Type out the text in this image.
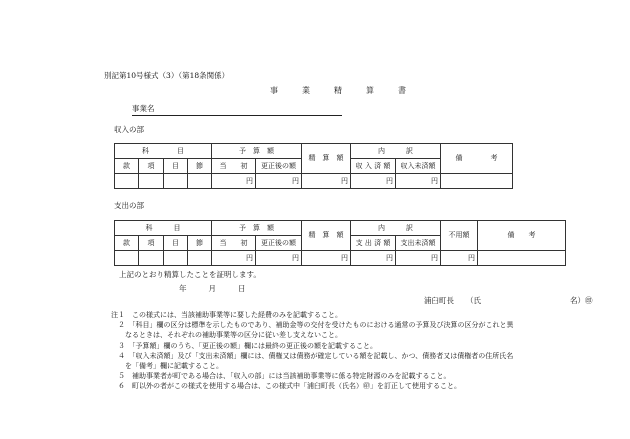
別記第10号様式（3）（第18条関係）
事	業	精	算	書
事業名
収入の部
科　　　　目				予　算　額		精　算　額	内　　　訳		備　　　　考
款	項	目	節	当　　初	更正後の額		収 入 済 額	収入未済額	
				円	円	円	円	円	
支出の部
科　　　目				予　算　額		精　算　額	内　　　訳		不用額	備　　考
款	項	目	節	当　　初	更正後の額		支 出 済 額	支出未済額		
				円	円	円	円	円	円	
上記のとおり精算したことを証明します。
年	月	日
浦臼町長 （氏	名）㊞
注１　この様式には、当該補助事業等に要した経費のみを記載すること。
　２　「科目」欄の区分は標準を示したものであり、補助金等の交付を受けたものにおける通常の予算及び決算の区分がこれと異
　　なるときは、それぞれの補助事業等の区分に従い差し支えないこと。
　３　「予算額」欄のうち、「更正後の額」欄には最終の更正後の額を記載すること。
　４　「収入未済額」及び「支出未済額」欄には、債権又は債務が確定している額を記載し、かつ、債務者又は債権者の住所氏名
　　を「備考」欄に記載すること。
　５　補助事業者が町である場合は、「収入の部」には当該補助事業等に係る特定財源のみを記載すること。
　６　町以外の者がこの様式を使用する場合は、この様式中「浦臼町長（氏名）㊞」を訂正して使用すること。
